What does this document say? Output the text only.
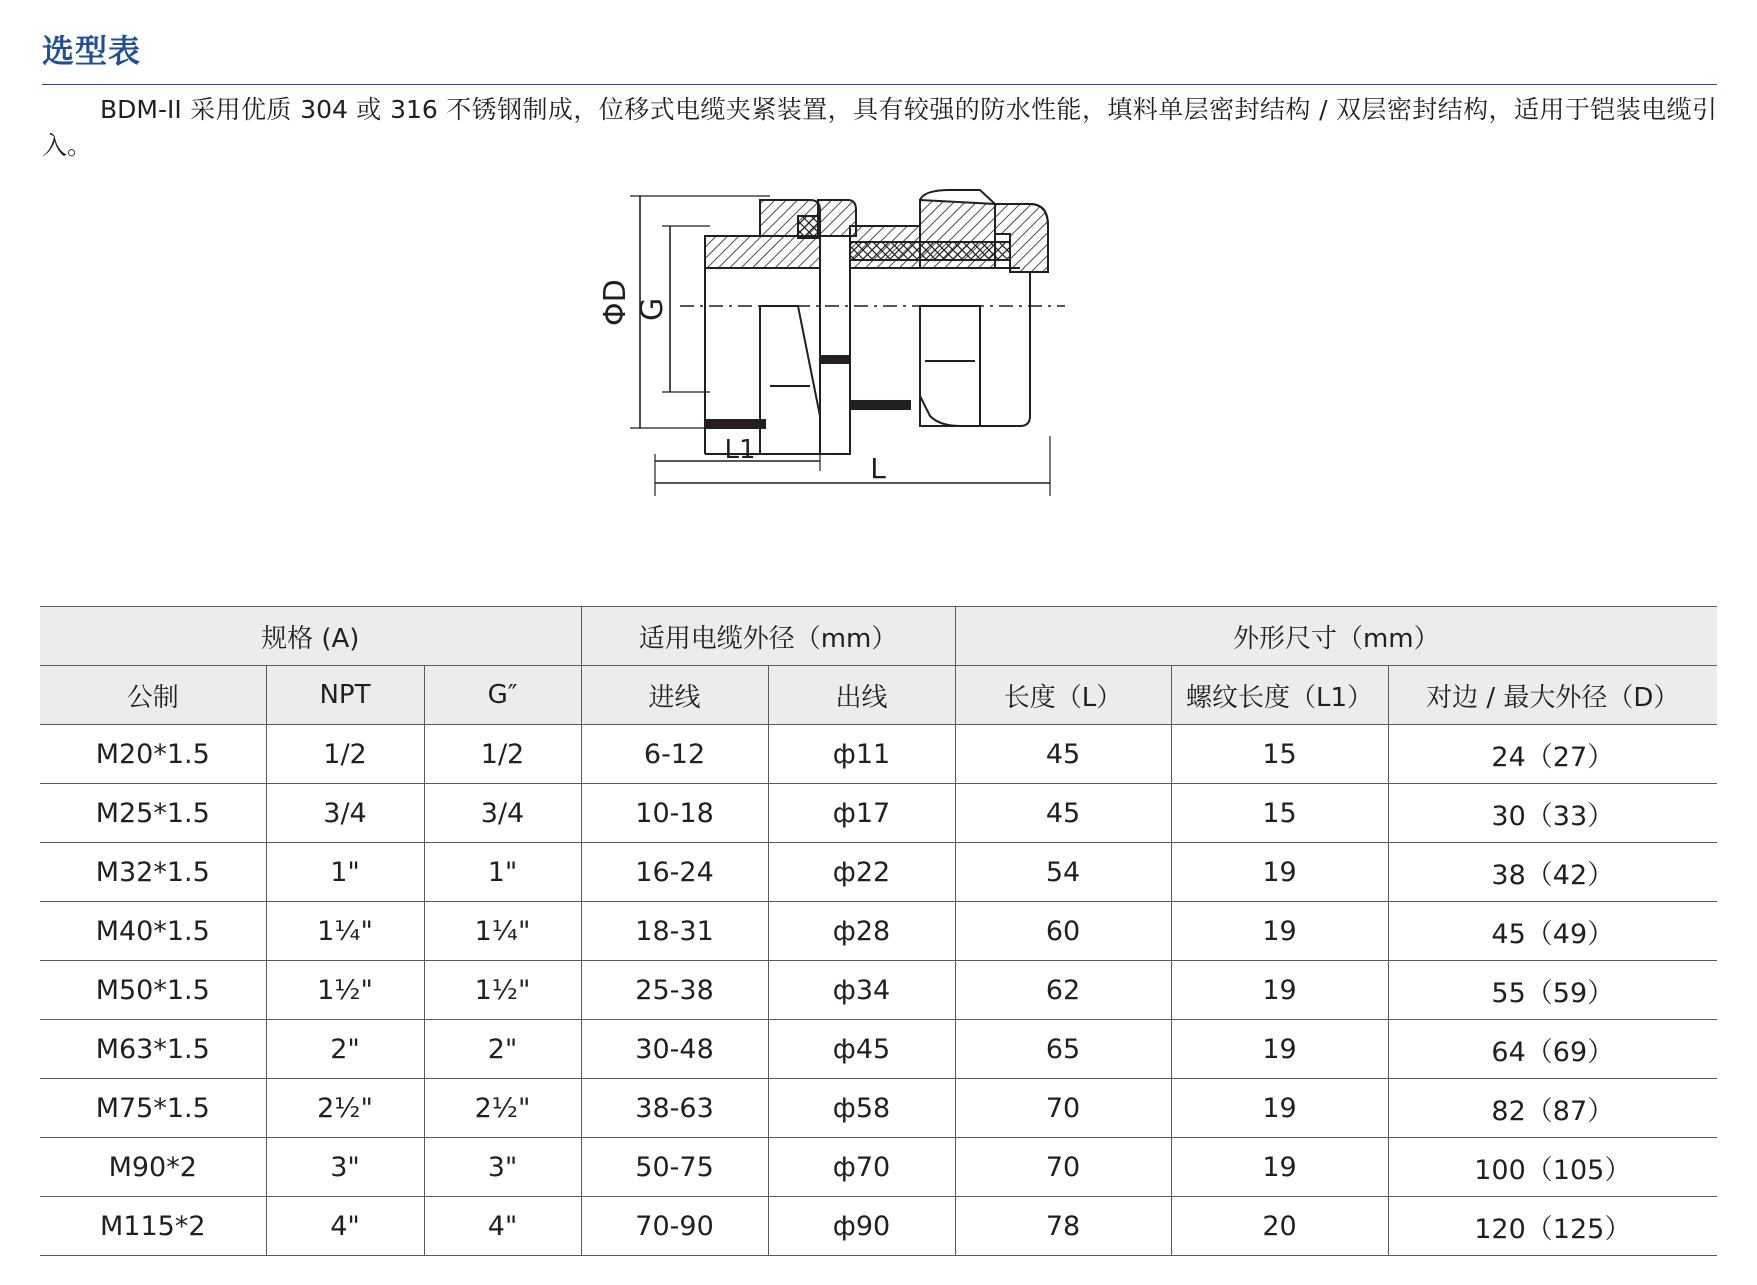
选型表
BDM-II 采用优质 304 或 316 不锈钢制成，位移式电缆夹紧装置，具有较强的防水性能，填料单层密封结构 / 双层密封结构，适用于铠装电缆引入。
ΦD G
L1
L
规格 (A)			适用电缆外径（mm）		外形尺寸（mm）		
公制	NPT	G″	进线	出线	长度（L）	螺纹长度（L1）	对边 / 最大外径（D）
M20*1.5	1/2	1/2	6-12	ф11	45	15	24（27）
M25*1.5	3/4	3/4	10-18	ф17	45	15	30（33）
M32*1.5	1"	1"	16-24	ф22	54	19	38（42）
M40*1.5	1¼"	1¼"	18-31	ф28	60	19	45（49）
M50*1.5	1½"	1½"	25-38	ф34	62	19	55（59）
M63*1.5	2"	2"	30-48	ф45	65	19	64（69）
M75*1.5	2½"	2½"	38-63	ф58	70	19	82（87）
M90*2	3"	3"	50-75	ф70	70	19	100（105）
M115*2	4"	4"	70-90	ф90	78	20	120（125）
